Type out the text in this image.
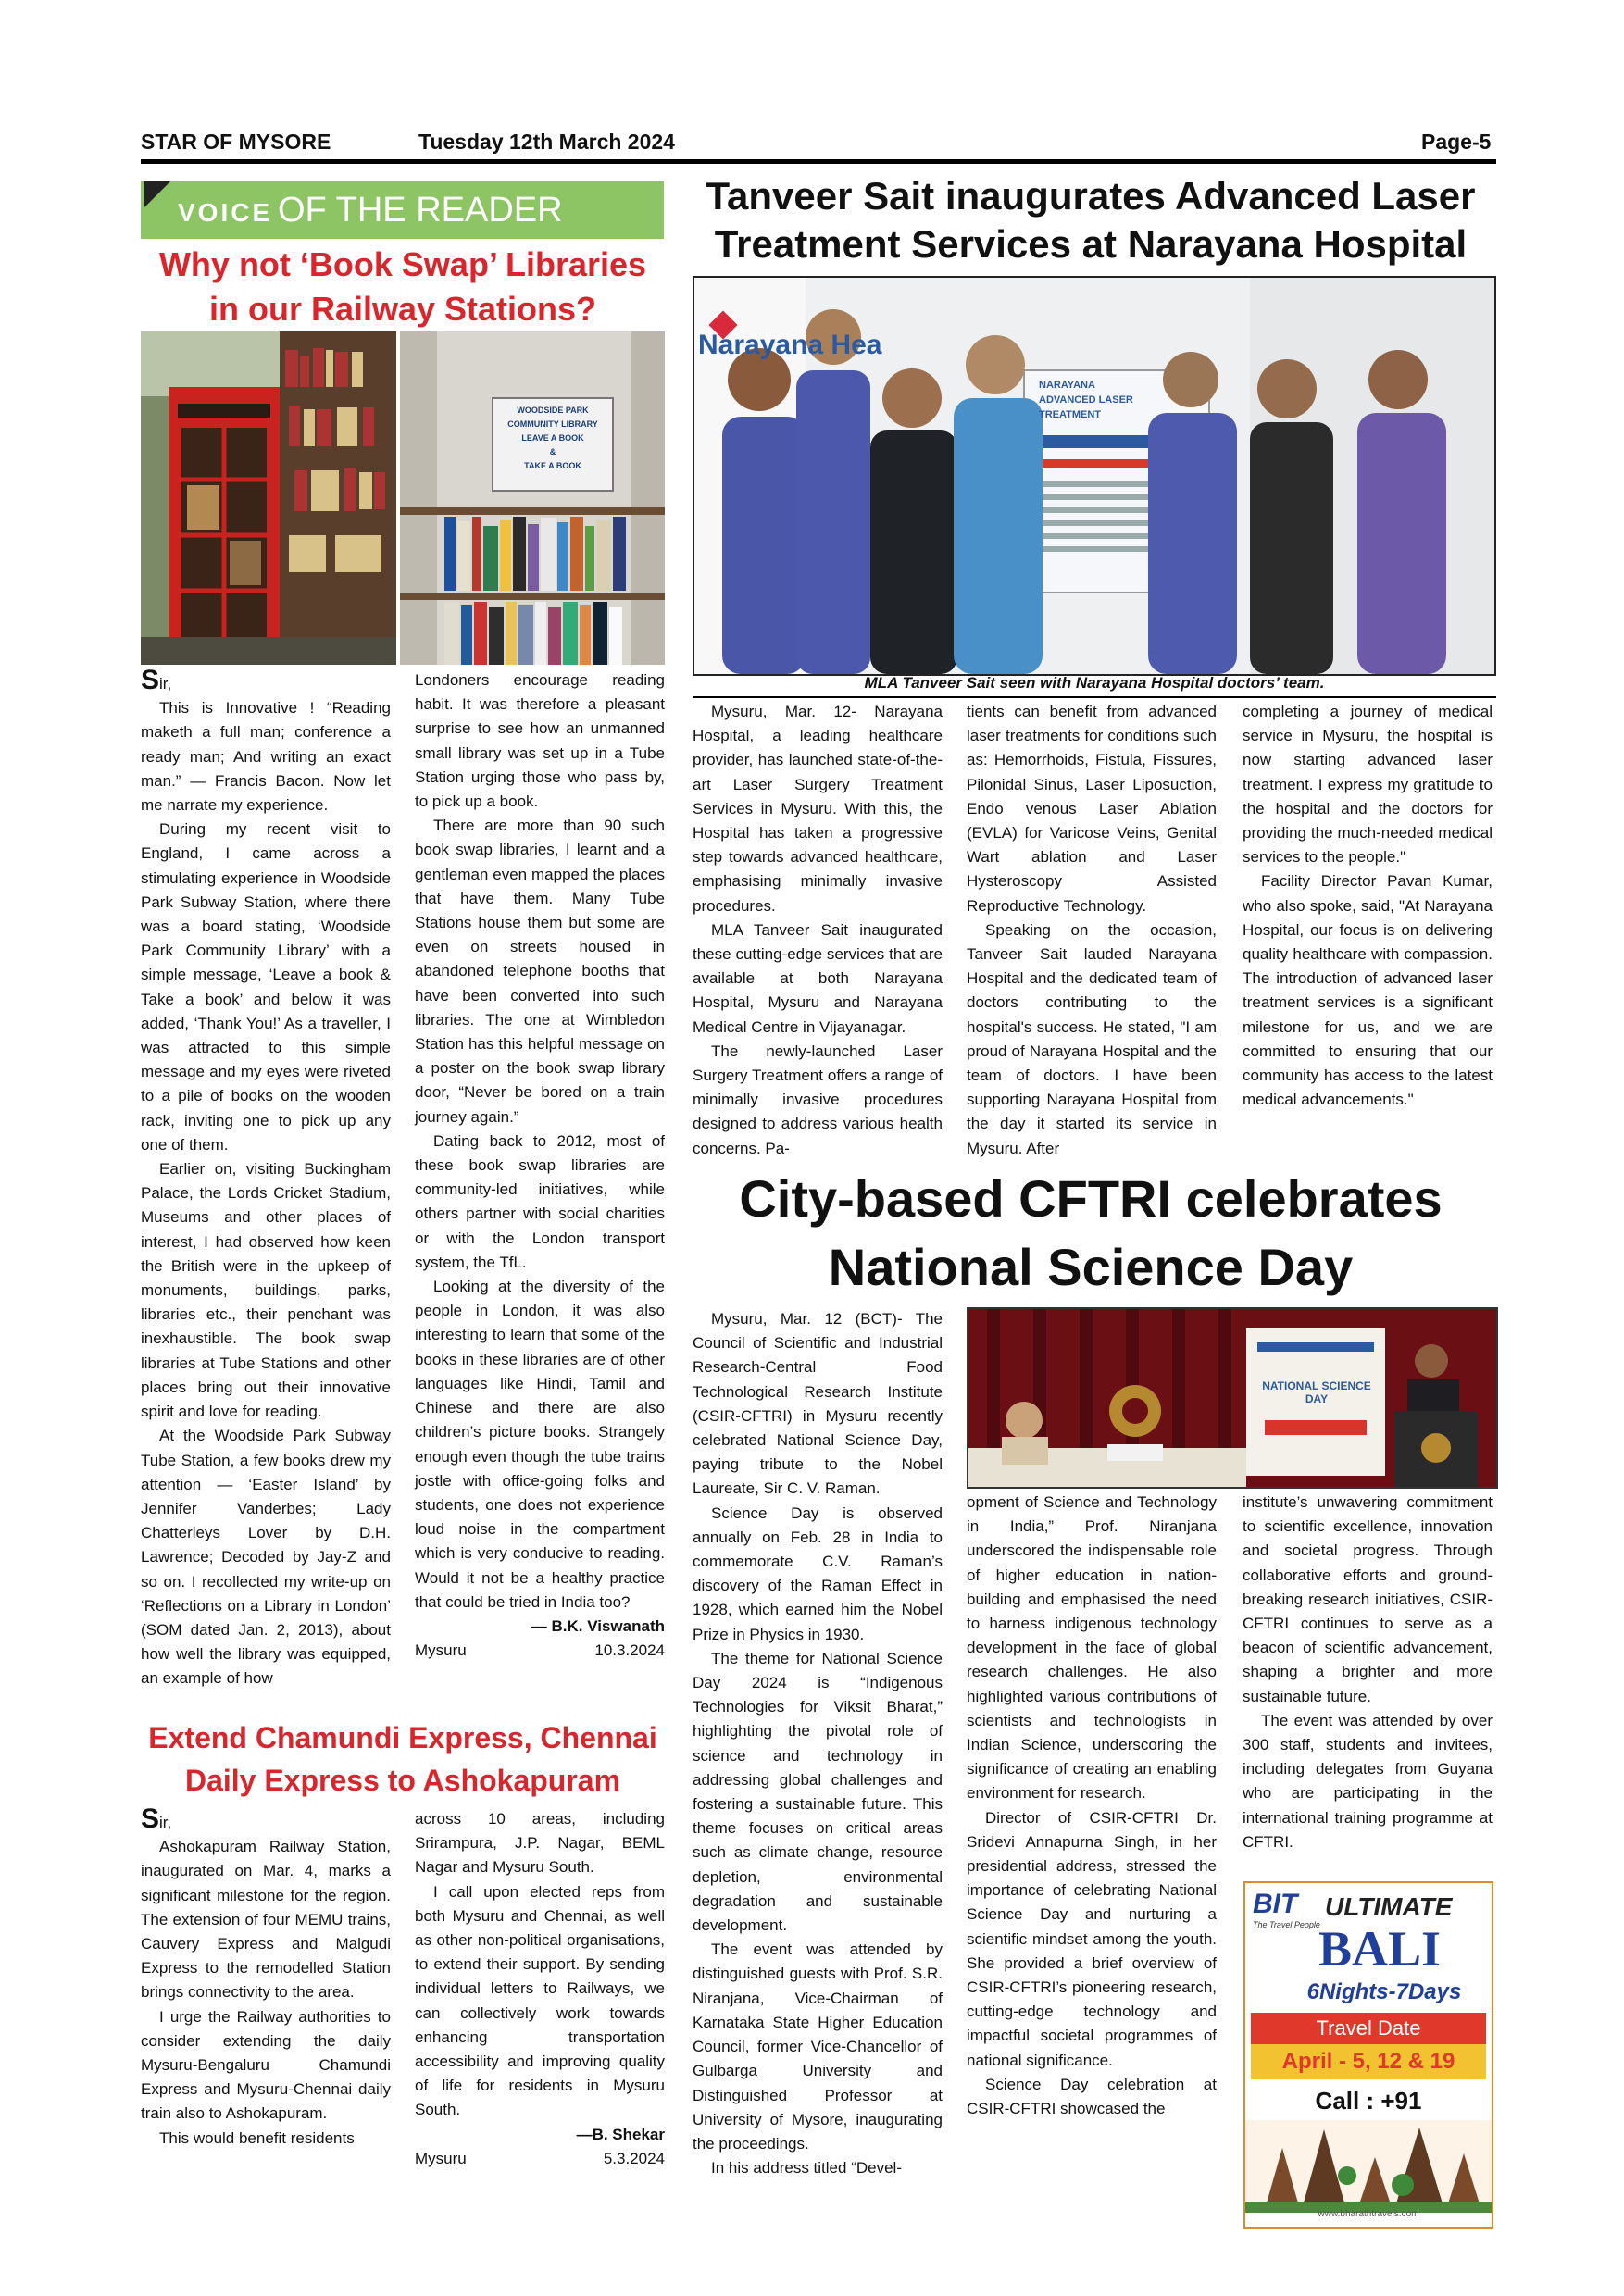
STAR OF MYSORE	Tuesday 12th March 2024	Page-5
VOICE OF THE READER
Why not ‘Book Swap’ Libraries
in our Railway Stations?
WOODSIDE PARK COMMUNITY LIBRARY
LEAVE A BOOK
&
TAKE A BOOK

Sir,

This is Innovative ! “Reading maketh a full man; conference a ready man; And writing an exact man.” — Francis Bacon. Now let me narrate my experience.

During my recent visit to England, I came across a stimulating experience in Woodside Park Subway Station, where there was a board stating, ‘Woodside Park Community Library’ with a simple message, ‘Leave a book & Take a book’ and below it was added, ‘Thank You!’ As a traveller, I was attracted to this simple message and my eyes were riveted to a pile of books on the wooden rack, inviting one to pick up any one of them.

Earlier on, visiting Buckingham Palace, the Lords Cricket Stadium, Museums and other places of interest, I had observed how keen the British were in the upkeep of monuments, buildings, parks, libraries etc., their penchant was inexhaustible. The book swap libraries at Tube Stations and other places bring out their innovative spirit and love for reading.

At the Woodside Park Subway Tube Station, a few books drew my attention — ‘Easter Island’ by Jennifer Vanderbes; Lady Chatterleys Lover by D.H. Lawrence; Decoded by Jay-Z and so on. I recollected my write-up on ‘Reflections on a Library in London’ (SOM dated Jan. 2, 2013), about how well the library was equipped, an example of how

Londoners encourage reading habit. It was therefore a pleasant surprise to see how an unmanned small library was set up in a Tube Station urging those who pass by, to pick up a book.

There are more than 90 such book swap libraries, I learnt and a gentleman even mapped the places that have them. Many Tube Stations house them but some are even on streets housed in abandoned telephone booths that have been converted into such libraries. The one at Wimbledon Station has this helpful message on a poster on the book swap library door, “Never be bored on a train journey again.”

Dating back to 2012, most of these book swap libraries are community-led initiatives, while others partner with social charities or with the London transport system, the TfL.

Looking at the diversity of the people in London, it was also interesting to learn that some of the books in these libraries are of other languages like Hindi, Tamil and Chinese and there are also children’s picture books. Strangely enough even though the tube trains jostle with office-going folks and students, one does not experience loud noise in the compartment which is very conducive to reading. Would it not be a healthy practice that could be tried in India too?

— B.K. Viswanath

Mysuru	10.3.2024
Extend Chamundi Express, Chennai
Daily Express to Ashokapuram

Sir,

Ashokapuram Railway Station, inaugurated on Mar. 4, marks a significant milestone for the region. The extension of four MEMU trains, Cauvery Express and Malgudi Express to the remodelled Station brings connectivity to the area.

I urge the Railway authorities to consider extending the daily Mysuru-Bengaluru Chamundi Express and Mysuru-Chennai daily train also to Ashokapuram.

This would benefit residents

across 10 areas, including Srirampura, J.P. Nagar, BEML Nagar and Mysuru South.

I call upon elected reps from both Mysuru and Chennai, as well as other non-political organisations, to extend their support. By sending individual letters to Railways, we can collectively work towards enhancing transportation accessibility and improving quality of life for residents in Mysuru South.

—B. Shekar

Mysuru	5.3.2024
Tanveer Sait inaugurates Advanced Laser
Treatment Services at Narayana Hospital
Narayana Hea
NARAYANA
ADVANCED LASER TREATMENT
MLA Tanveer Sait seen with Narayana Hospital doctors’ team.

Mysuru, Mar. 12- Narayana Hospital, a leading healthcare provider, has launched state-of-the-art Laser Surgery Treatment Services in Mysuru. With this, the Hospital has taken a progressive step towards advanced healthcare, emphasising minimally invasive procedures.

MLA Tanveer Sait inaugurated these cutting-edge services that are available at both Narayana Hospital, Mysuru and Narayana Medical Centre in Vijayanagar.

The newly-launched Laser Surgery Treatment offers a range of minimally invasive procedures designed to address various health concerns. Pa-

tients can benefit from advanced laser treatments for conditions such as: Hemorrhoids, Fistula, Fissures, Pilonidal Sinus, Laser Liposuction, Endo venous Laser Ablation (EVLA) for Varicose Veins, Genital Wart ablation and Laser Hysteroscopy Assisted Reproductive Technology.

Speaking on the occasion, Tanveer Sait lauded Narayana Hospital and the dedicated team of doctors contributing to the hospital's success. He stated, "I am proud of Narayana Hospital and the team of doctors. I have been supporting Narayana Hospital from the day it started its service in Mysuru. After

completing a journey of medical service in Mysuru, the hospital is now starting advanced laser treatment. I express my gratitude to the hospital and the doctors for providing the much-needed medical services to the people."

Facility Director Pavan Kumar, who also spoke, said, "At Narayana Hospital, our focus is on delivering quality healthcare with compassion. The introduction of advanced laser treatment services is a significant milestone for us, and we are committed to ensuring that our community has access to the latest medical advancements."

City-based CFTRI celebrates
National Science Day
NATIONAL SCIENCE DAY

Mysuru, Mar. 12 (BCT)- The Council of Scientific and Industrial Research-Central Food Technological Research Institute (CSIR-CFTRI) in Mysuru recently celebrated National Science Day, paying tribute to the Nobel Laureate, Sir C. V. Raman.

Science Day is observed annually on Feb. 28 in India to commemorate C.V. Raman’s discovery of the Raman Effect in 1928, which earned him the Nobel Prize in Physics in 1930.

The theme for National Science Day 2024 is “Indigenous Technologies for Viksit Bharat,” highlighting the pivotal role of science and technology in addressing global challenges and fostering a sustainable future. This theme focuses on critical areas such as climate change, resource depletion, environmental degradation and sustainable development.

The event was attended by distinguished guests with Prof. S.R. Niranjana, Vice-Chairman of Karnataka State Higher Education Council, former Vice-Chancellor of Gulbarga University and Distinguished Professor at University of Mysore, inaugurating the proceedings.

In his address titled “Devel-

opment of Science and Technology in India,” Prof. Niranjana underscored the indispensable role of higher education in nation-building and emphasised the need to harness indigenous technology development in the face of global research challenges. He also highlighted various contributions of scientists and technologists in Indian Science, underscoring the significance of creating an enabling environment for research.

Director of CSIR-CFTRI Dr. Sridevi Annapurna Singh, in her presidential address, stressed the importance of celebrating National Science Day and nurturing a scientific mindset among the youth. She provided a brief overview of CSIR-CFTRI’s pioneering research, cutting-edge technology and impactful societal programmes of national significance.

Science Day celebration at CSIR-CFTRI showcased the

institute’s unwavering commitment to scientific excellence, innovation and societal progress. Through collaborative efforts and ground-breaking research initiatives, CSIR-CFTRI continues to serve as a beacon of scientific advancement, shaping a brighter and more sustainable future.

The event was attended by over 300 staff, students and invitees, including delegates from Guyana who are participating in the international training programme at CFTRI.

BIT
The Travel People
ULTIMATE
BALI
6Nights-7Days
Travel Date
April - 5, 12 & 19
Call : +91
www.bharathtravels.com
